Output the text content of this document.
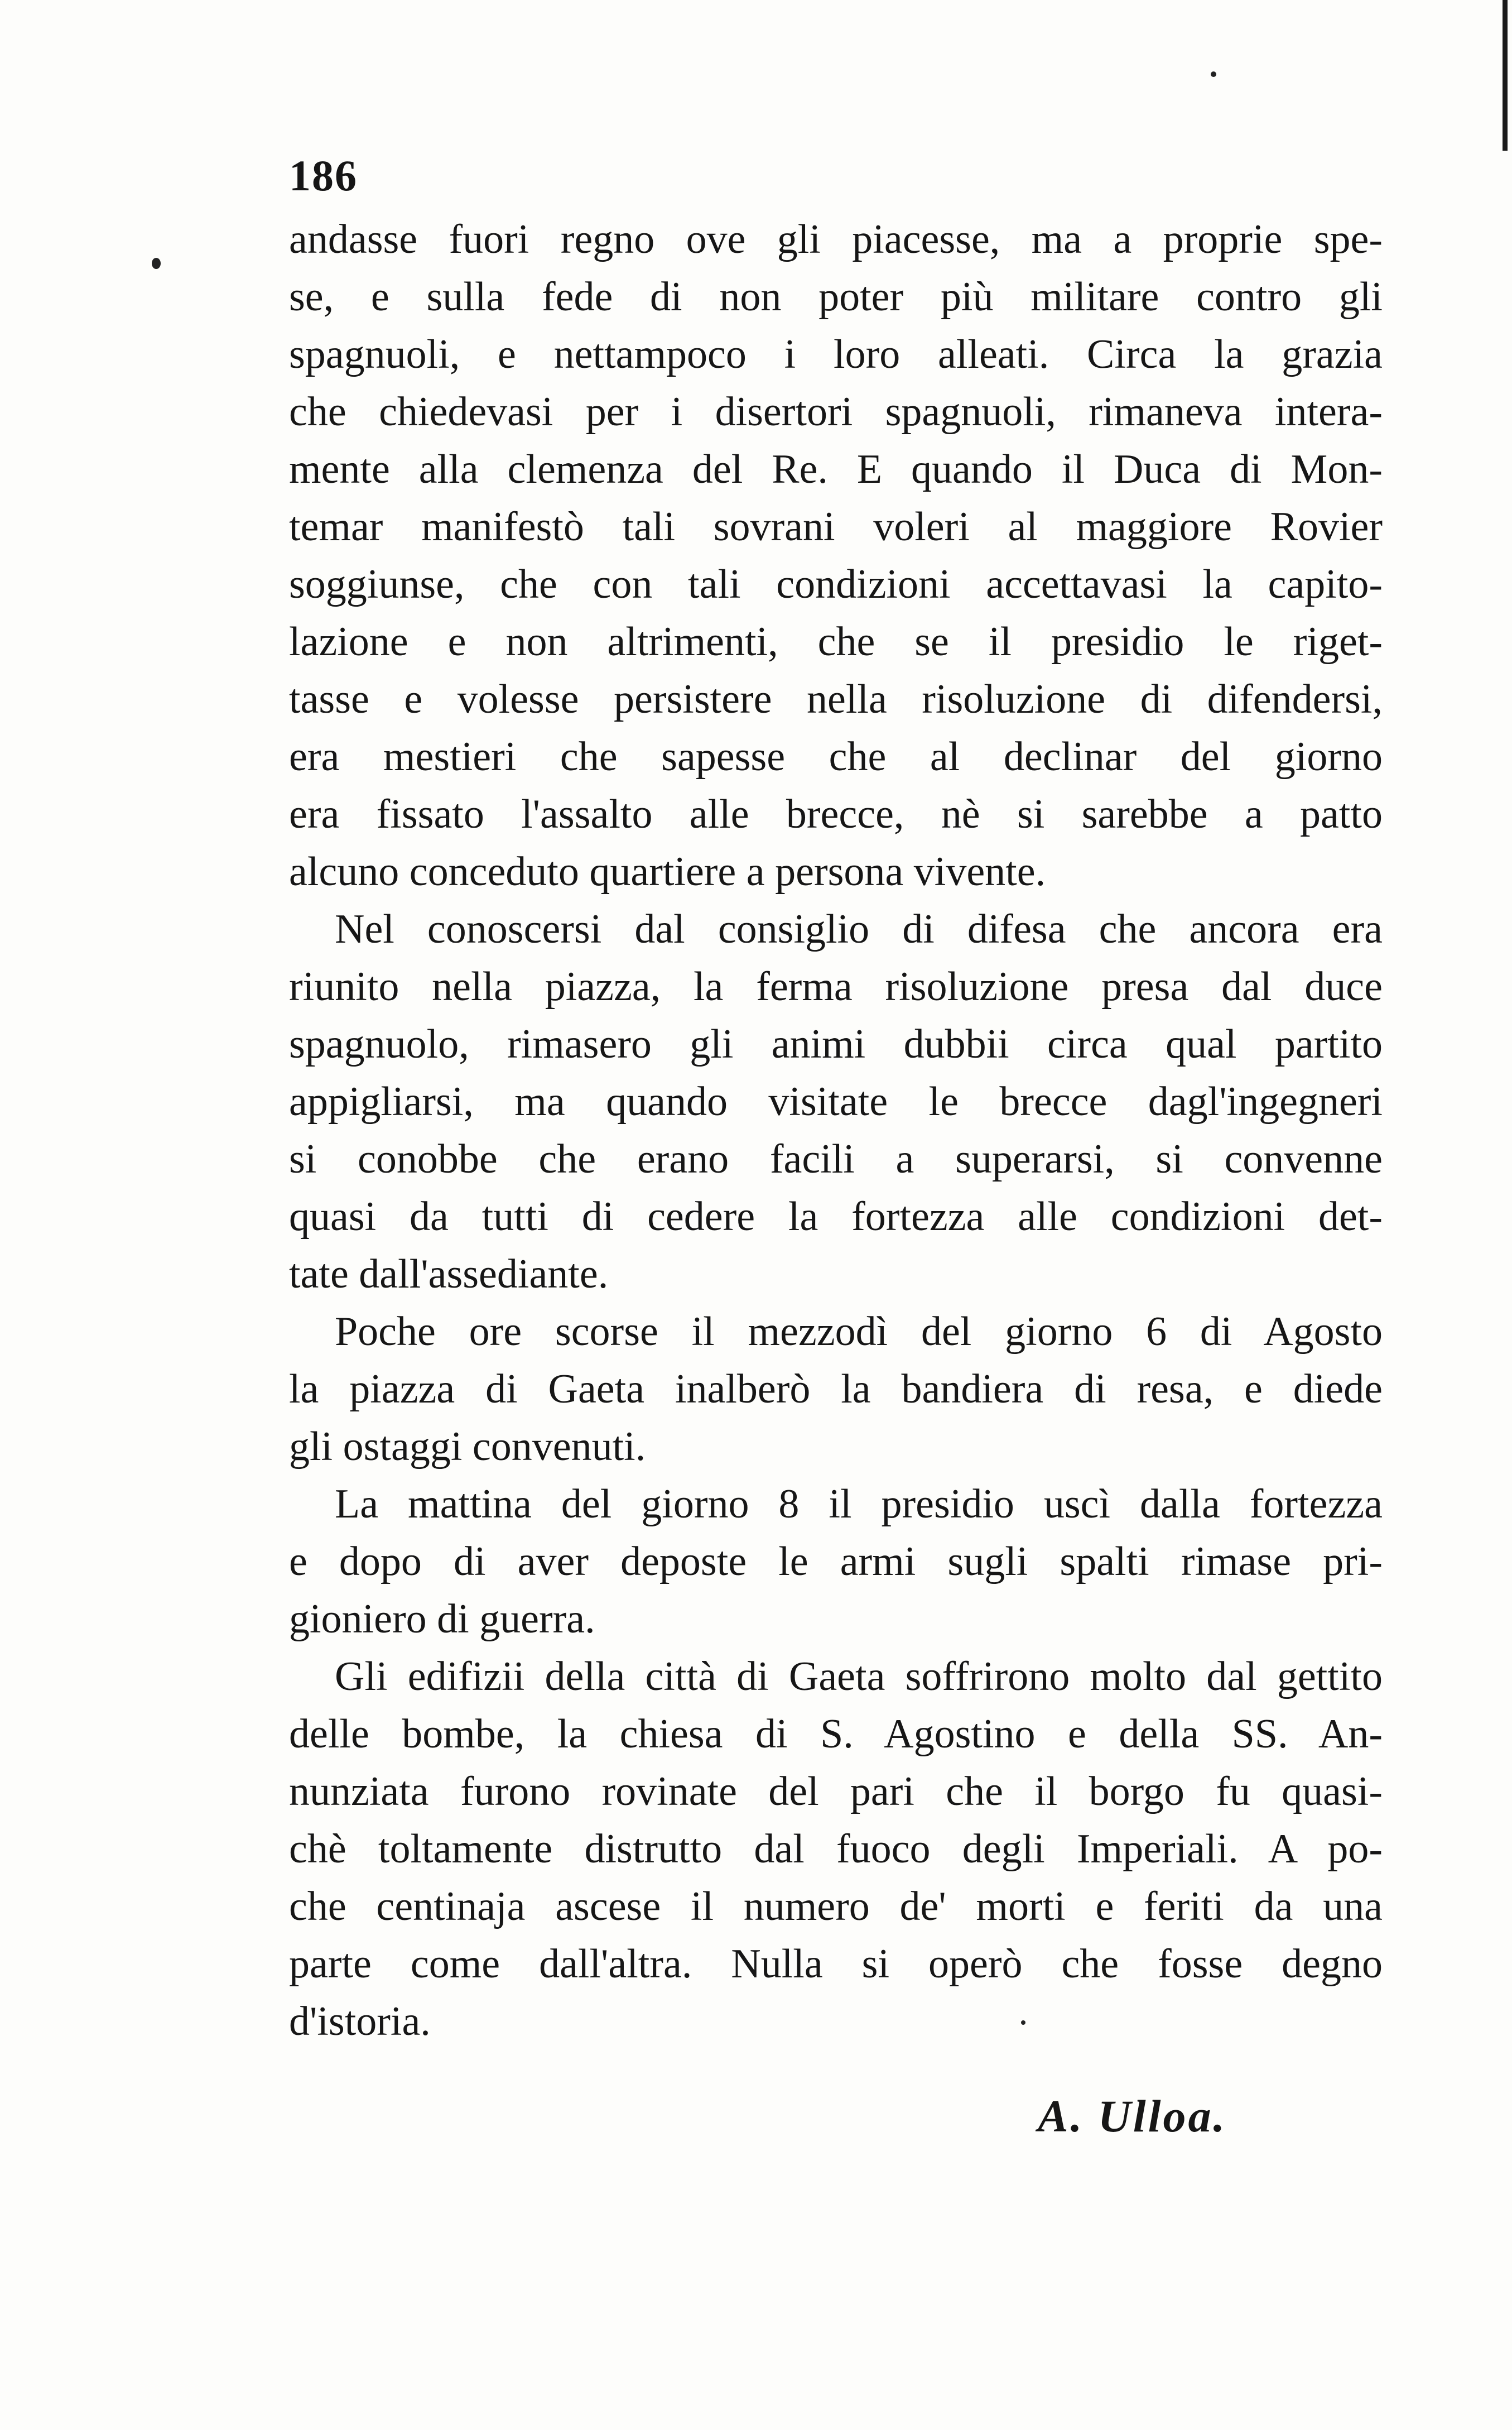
186
andasse fuori regno ove gli piacesse, ma a proprie spe-
se, e sulla fede di non poter più militare contro gli
spagnuoli, e nettampoco i loro alleati. Circa la grazia
che chiedevasi per i disertori spagnuoli, rimaneva intera-
mente alla clemenza del Re. E quando il Duca di Mon-
temar manifestò tali sovrani voleri al maggiore Rovier
soggiunse, che con tali condizioni accettavasi la capito-
lazione e non altrimenti, che se il presidio le riget-
tasse e volesse persistere nella risoluzione di difendersi,
era mestieri che sapesse che al declinar del giorno
era fissato l'assalto alle brecce, nè si sarebbe a patto
alcuno conceduto quartiere a persona vivente.
Nel conoscersi dal consiglio di difesa che ancora era
riunito nella piazza, la ferma risoluzione presa dal duce
spagnuolo, rimasero gli animi dubbii circa qual partito
appigliarsi, ma quando visitate le brecce dagl'ingegneri
si conobbe che erano facili a superarsi, si convenne
quasi da tutti di cedere la fortezza alle condizioni det-
tate dall'assediante.
Poche ore scorse il mezzodì del giorno 6 di Agosto
la piazza di Gaeta inalberò la bandiera di resa, e diede
gli ostaggi convenuti.
La mattina del giorno 8 il presidio uscì dalla fortezza
e dopo di aver deposte le armi sugli spalti rimase pri-
gioniero di guerra.
Gli edifizii della città di Gaeta soffrirono molto dal gettito
delle bombe, la chiesa di S. Agostino e della SS. An-
nunziata furono rovinate del pari che il borgo fu quasi-
chè toltamente distrutto dal fuoco degli Imperiali. A po-
che centinaja ascese il numero de' morti e feriti da una
parte come dall'altra. Nulla si operò che fosse degno
d'istoria.
A. Ulloa.
